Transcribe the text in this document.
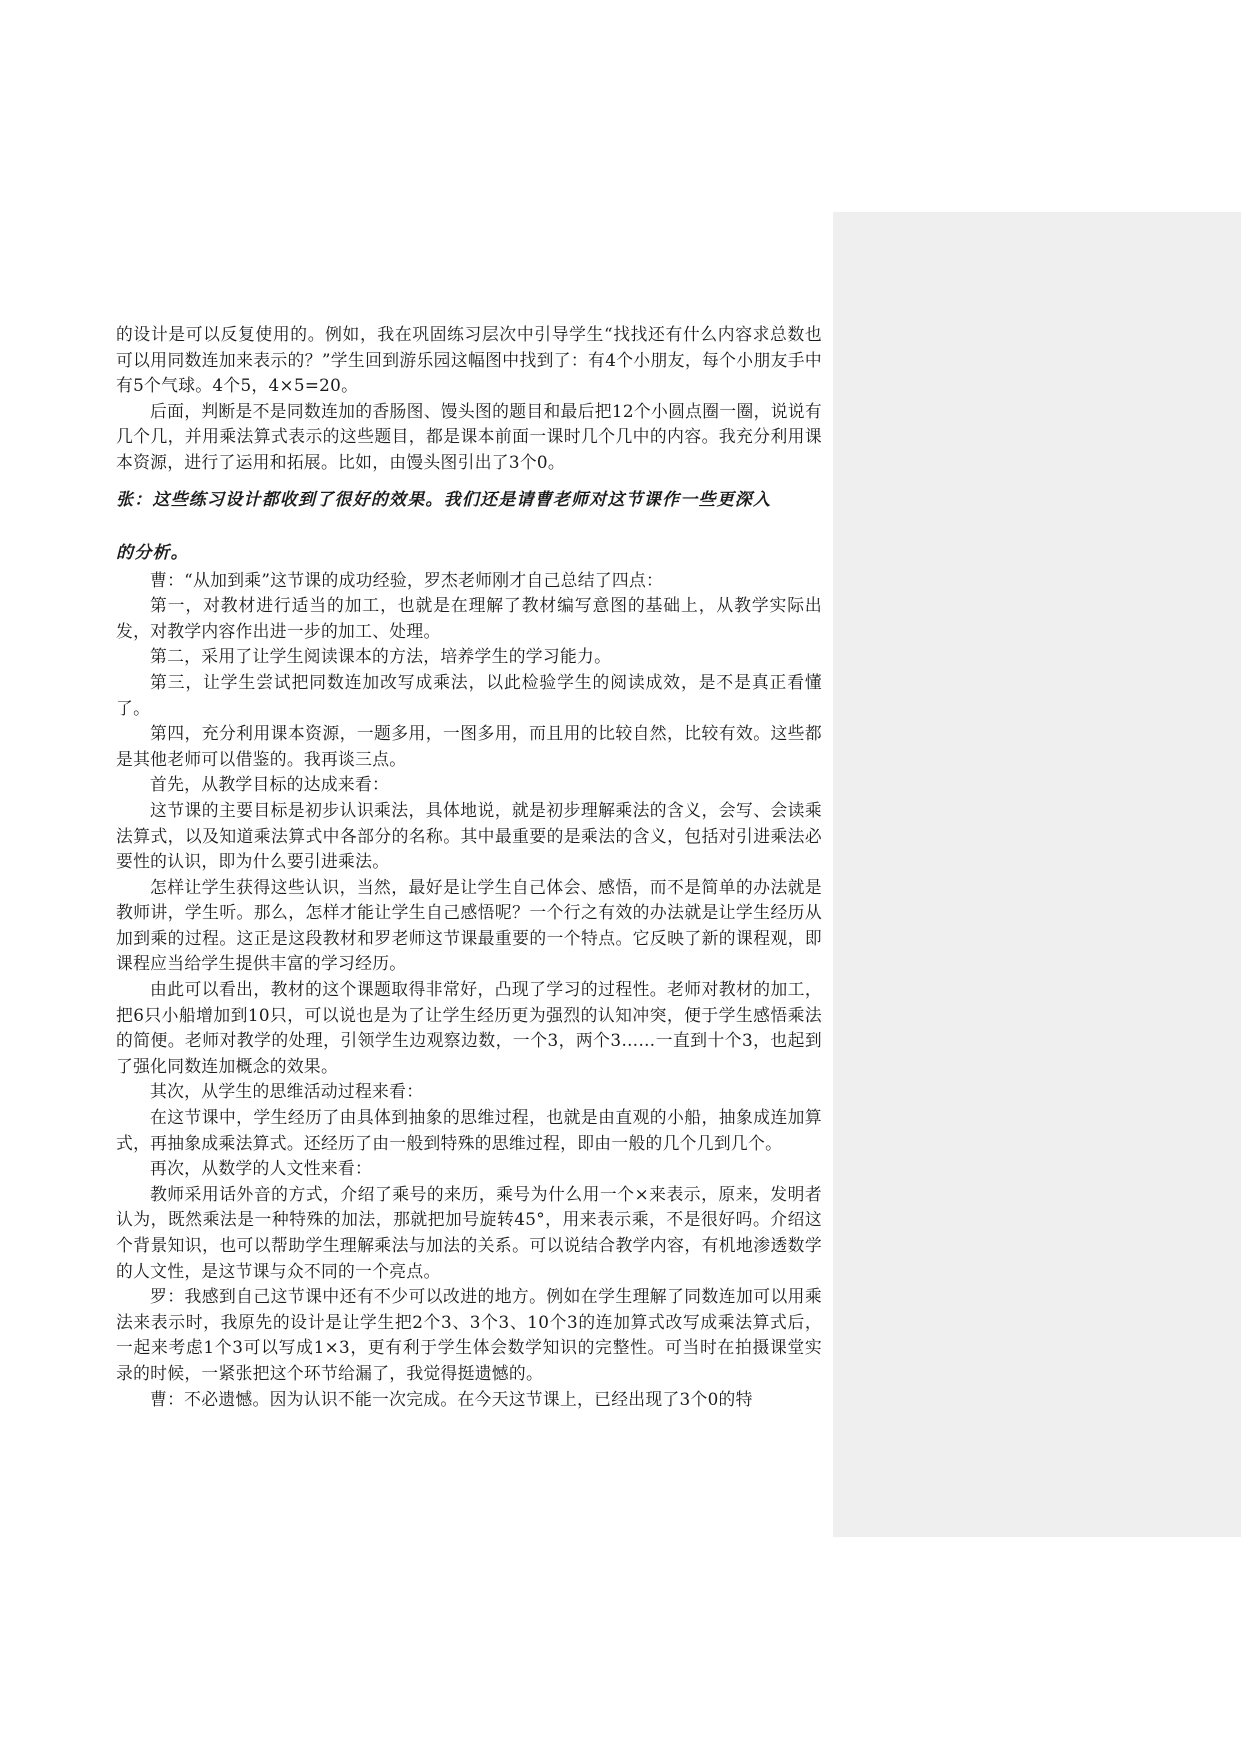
的设计是可以反复使用的。例如，我在巩固练习层次中引导学生“找找还有什么内容求总数也可以用同数连加来表示的？”学生回到游乐园这幅图中找到了：有4个小朋友，每个小朋友手中有5个气球。4个5，4×5=20。

后面，判断是不是同数连加的香肠图、馒头图的题目和最后把12个小圆点圈一圈，说说有几个几，并用乘法算式表示的这些题目，都是课本前面一课时几个几中的内容。我充分利用课本资源，进行了运用和拓展。比如，由馒头图引出了3个0。

张：这些练习设计都收到了很好的效果。我们还是请曹老师对这节课作一些更深入

的分析。

曹：“从加到乘”这节课的成功经验，罗杰老师刚才自己总结了四点：

第一，对教材进行适当的加工，也就是在理解了教材编写意图的基础上，从教学实际出发，对教学内容作出进一步的加工、处理。

第二，采用了让学生阅读课本的方法，培养学生的学习能力。

第三，让学生尝试把同数连加改写成乘法，以此检验学生的阅读成效，是不是真正看懂了。

第四，充分利用课本资源，一题多用，一图多用，而且用的比较自然，比较有效。这些都是其他老师可以借鉴的。我再谈三点。

首先，从教学目标的达成来看：

这节课的主要目标是初步认识乘法，具体地说，就是初步理解乘法的含义，会写、会读乘法算式，以及知道乘法算式中各部分的名称。其中最重要的是乘法的含义，包括对引进乘法必要性的认识，即为什么要引进乘法。

怎样让学生获得这些认识，当然，最好是让学生自己体会、感悟，而不是简单的办法就是教师讲，学生听。那么，怎样才能让学生自己感悟呢？一个行之有效的办法就是让学生经历从加到乘的过程。这正是这段教材和罗老师这节课最重要的一个特点。它反映了新的课程观，即课程应当给学生提供丰富的学习经历。

由此可以看出，教材的这个课题取得非常好，凸现了学习的过程性。老师对教材的加工，把6只小船增加到10只，可以说也是为了让学生经历更为强烈的认知冲突，便于学生感悟乘法的简便。老师对教学的处理，引领学生边观察边数，一个3，两个3……一直到十个3，也起到了强化同数连加概念的效果。

其次，从学生的思维活动过程来看：

在这节课中，学生经历了由具体到抽象的思维过程，也就是由直观的小船，抽象成连加算式，再抽象成乘法算式。还经历了由一般到特殊的思维过程，即由一般的几个几到几个。

再次，从数学的人文性来看：

教师采用话外音的方式，介绍了乘号的来历，乘号为什么用一个×来表示，原来，发明者认为，既然乘法是一种特殊的加法，那就把加号旋转45°，用来表示乘，不是很好吗。介绍这个背景知识，也可以帮助学生理解乘法与加法的关系。可以说结合教学内容，有机地渗透数学的人文性，是这节课与众不同的一个亮点。

罗：我感到自己这节课中还有不少可以改进的地方。例如在学生理解了同数连加可以用乘法来表示时，我原先的设计是让学生把2个3、3个3、10个3的连加算式改写成乘法算式后，一起来考虑1个3可以写成1×3，更有利于学生体会数学知识的完整性。可当时在拍摄课堂实录的时候，一紧张把这个环节给漏了，我觉得挺遗憾的。

曹：不必遗憾。因为认识不能一次完成。在今天这节课上，已经出现了3个0的特
